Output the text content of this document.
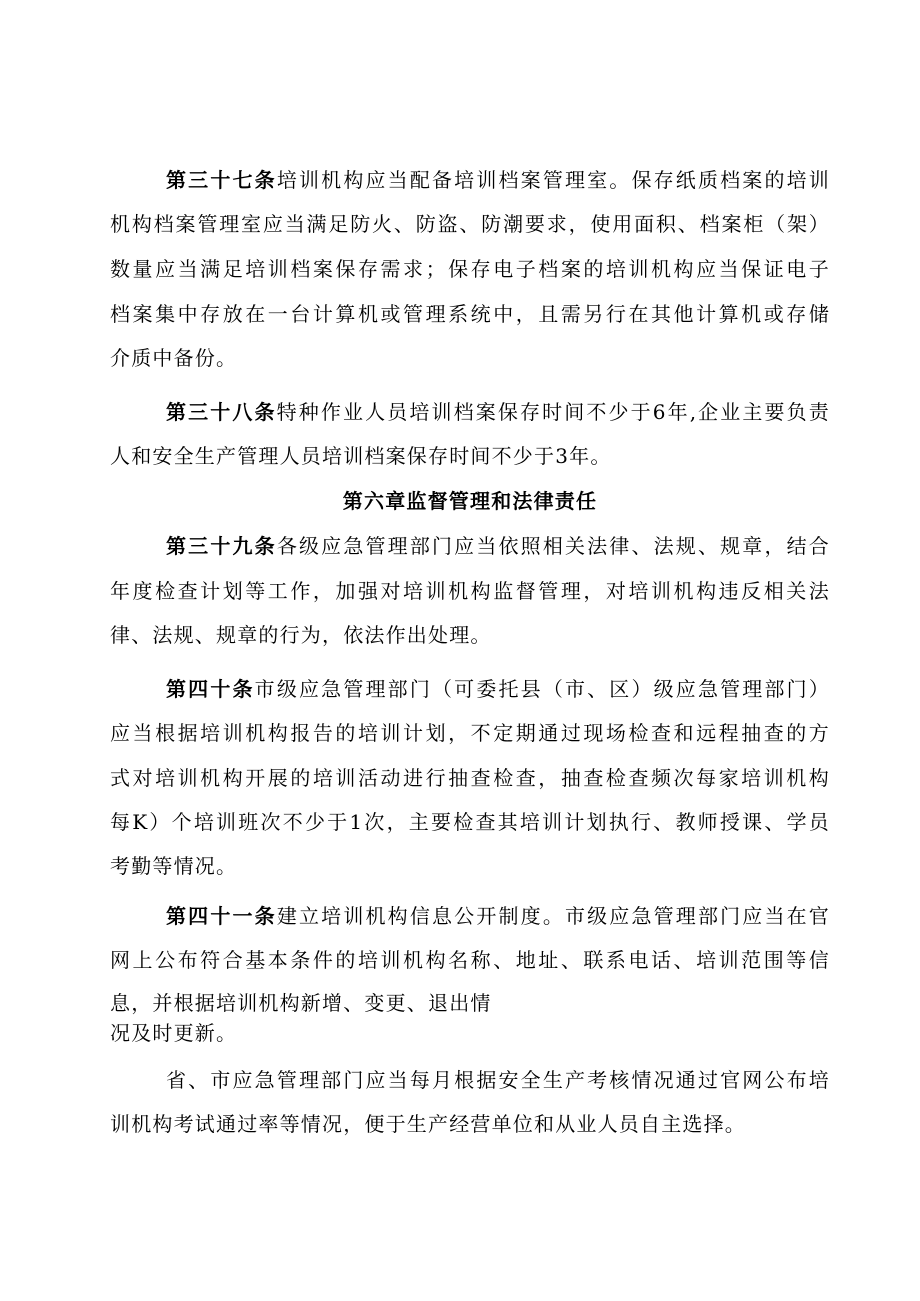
第三十七条培训机构应当配备培训档案管理室。保存纸质档案的培训
机构档案管理室应当满足防火、防盗、防潮要求，使用面积、档案柜（架）
数量应当满足培训档案保存需求；保存电子档案的培训机构应当保证电子
档案集中存放在一台计算机或管理系统中，且需另行在其他计算机或存储
介质中备份。
第三十八条特种作业人员培训档案保存时间不少于6年,企业主要负责
人和安全生产管理人员培训档案保存时间不少于3年。
第六章监督管理和法律责任
第三十九条各级应急管理部门应当依照相关法律、法规、规章，结合
年度检查计划等工作，加强对培训机构监督管理，对培训机构违反相关法
律、法规、规章的行为，依法作出处理。
第四十条市级应急管理部门（可委托县（市、区）级应急管理部门）
应当根据培训机构报告的培训计划，不定期通过现场检查和远程抽查的方
式对培训机构开展的培训活动进行抽查检查，抽查检查频次每家培训机构
每K）个培训班次不少于1次，主要检查其培训计划执行、教师授课、学员
考勤等情况。
第四十一条建立培训机构信息公开制度。市级应急管理部门应当在官
网上公布符合基本条件的培训机构名称、地址、联系电话、培训范围等信
息，并根据培训机构新增、变更、退出情
况及时更新。
省、市应急管理部门应当每月根据安全生产考核情况通过官网公布培
训机构考试通过率等情况，便于生产经营单位和从业人员自主选择。
